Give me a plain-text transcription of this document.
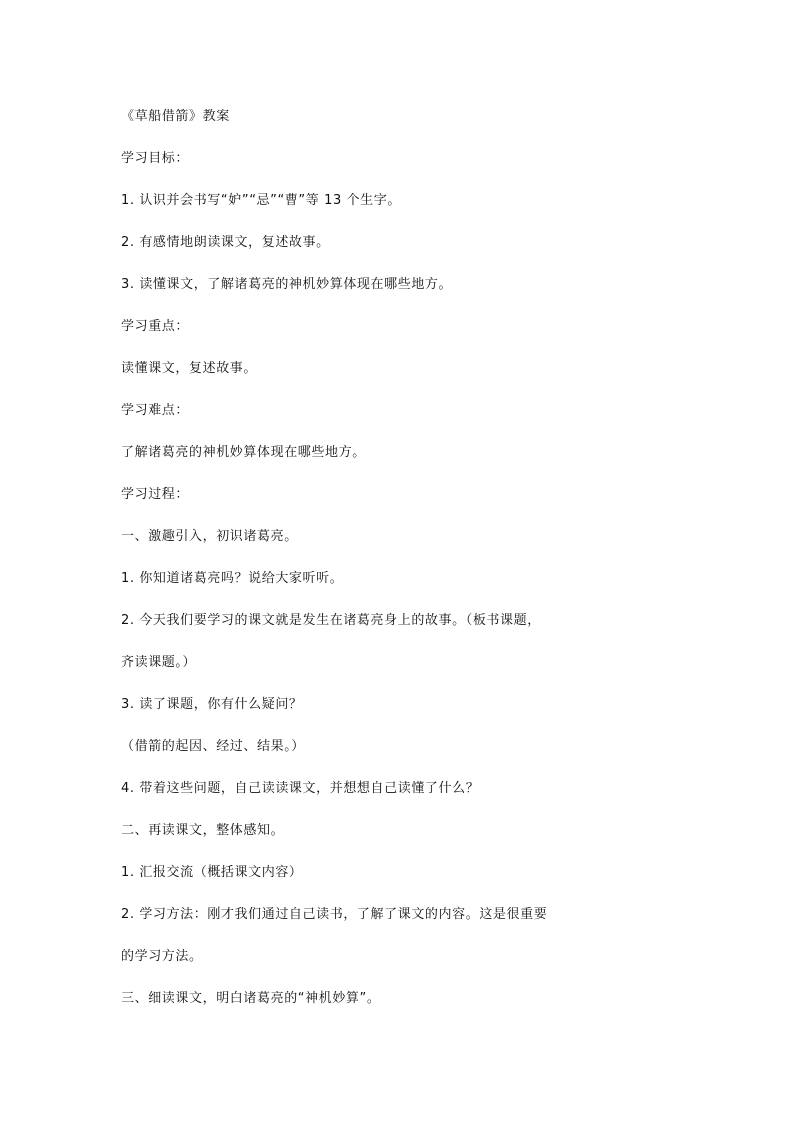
《草船借箭》教案
学习目标：
1. 认识并会书写“妒”“忌”“曹”等 13 个生字。
2. 有感情地朗读课文，复述故事。
3. 读懂课文，了解诸葛亮的神机妙算体现在哪些地方。
学习重点：
读懂课文，复述故事。
学习难点：
了解诸葛亮的神机妙算体现在哪些地方。
学习过程：
一、激趣引入，初识诸葛亮。
1. 你知道诸葛亮吗？说给大家听听。
2. 今天我们要学习的课文就是发生在诸葛亮身上的故事。（板书课题，
齐读课题。）
3. 读了课题，你有什么疑问？
（借箭的起因、经过、结果。）
4. 带着这些问题，自己读读课文，并想想自己读懂了什么？
二、再读课文，整体感知。
1. 汇报交流（概括课文内容）
2. 学习方法：刚才我们通过自己读书，了解了课文的内容。这是很重要
的学习方法。
三、细读课文，明白诸葛亮的“神机妙算”。
